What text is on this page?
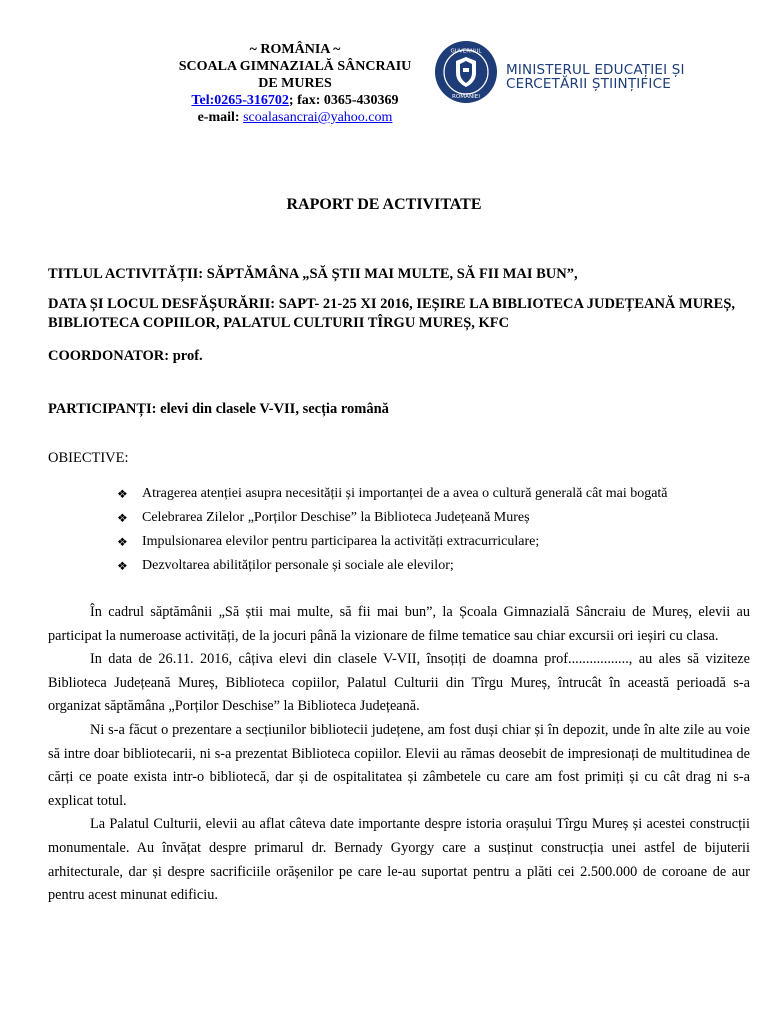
~ ROMÂNIA ~
SCOALA GIMNAZIALĂ SÂNCRAIU
DE MURES
Tel:0265-316702; fax: 0365-430369
e-mail: scoalasancrai@yahoo.com
GUVERNUL
ROMÂNIEI
MINISTERUL EDUCAȚIEI ȘI
CERCETĂRII ȘTIINȚIFICE
RAPORT DE ACTIVITATE
TITLUL ACTIVITĂȚII: SĂPTĂMÂNA „SĂ ȘTII MAI MULTE, SĂ FII MAI BUN”,
DATA ȘI LOCUL DESFĂȘURĂRII: SAPT- 21-25 XI 2016, IEȘIRE LA BIBLIOTECA JUDEȚEANĂ MUREȘ, BIBLIOTECA COPIILOR, PALATUL CULTURII TÎRGU MUREȘ, KFC
COORDONATOR: prof.
PARTICIPANȚI: elevi din clasele V-VII, secția română
OBIECTIVE:
❖	Atragerea atenției asupra necesității și importanței de a avea o cultură generală cât mai bogată
❖	Celebrarea Zilelor „Porților Deschise” la Biblioteca Județeană Mureș
❖	Impulsionarea elevilor pentru participarea la activități extracurriculare;
❖	Dezvoltarea abilităților personale și sociale ale elevilor;

În cadrul săptămânii „Să știi mai multe, să fii mai bun”, la Școala Gimnazială Sâncraiu de Mureș, elevii au participat la numeroase activități, de la jocuri până la vizionare de filme tematice sau chiar excursii ori ieșiri cu clasa.

In data de 26.11. 2016, câțiva elevi din clasele V-VII, însoțiți de doamna prof................., au ales să viziteze Biblioteca Județeană Mureș, Biblioteca copiilor, Palatul Culturii din Tîrgu Mureș, întrucât în această perioadă s-a organizat săptămâna „Porților Deschise” la Biblioteca Județeană.

Ni s-a făcut o prezentare a secțiunilor bibliotecii județene, am fost duși chiar și în depozit, unde în alte zile au voie să intre doar bibliotecarii, ni s-a prezentat Biblioteca copiilor. Elevii au rămas deosebit de impresionați de multitudinea de cărți ce poate exista intr-o bibliotecă, dar și de ospitalitatea și zâmbetele cu care am fost primiți și cu cât drag ni s-a explicat totul.

La Palatul Culturii, elevii au aflat câteva date importante despre istoria orașului Tîrgu Mureș și acestei construcții monumentale. Au învățat despre primarul dr. Bernady Gyorgy care a susținut construcția unei astfel de bijuterii arhitecturale, dar și despre sacrificiile orășenilor pe care le-au suportat pentru a plăti cei 2.500.000 de coroane de aur pentru acest minunat edificiu.
